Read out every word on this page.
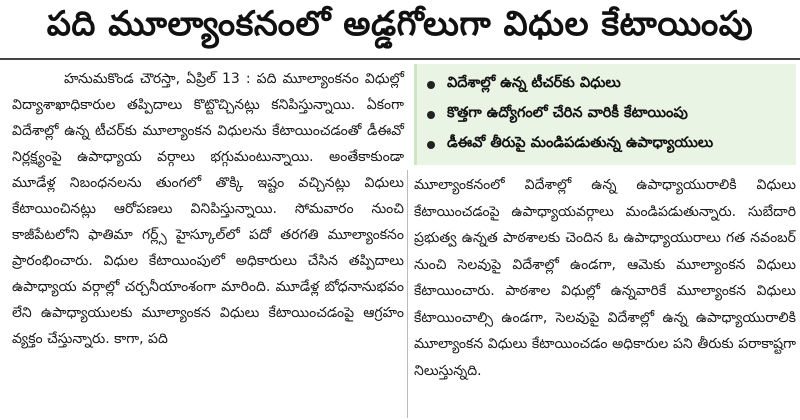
పది మూల్యాంకనంలో అడ్డగోలుగా విధుల కేటాయింపు
హనుమకొండ చౌరస్తా, ఏప్రిల్ 13 : పది మూల్యాంకనం విధుల్లో విద్యాశాఖాధికారుల తప్పిదాలు కొట్టొచ్చినట్లు కనిపిస్తున్నాయి. ఏకంగా విదేశాల్లో ఉన్న టీచర్‌కు మూల్యాంకన విధులను కేటాయించడంతో డీఈవో నిర్లక్ష్యంపై ఉపాధ్యాయ వర్గాలు భగ్గుమంటున్నాయి. అంతేకాకుండా మూడేళ్ల నిబంధనలను తుంగలో తొక్కి ఇష్టం వచ్చినట్లు విధులు కేటాయించినట్లు ఆరోపణలు వినిపిస్తున్నాయి. సోమవారం నుంచి కాజీపేటలోని ఫాతిమా గర్ల్స్ హైస్కూల్‌లో పదో తరగతి మూల్యాంకనం ప్రారంభించారు. విధుల కేటాయింపులో అధికారులు చేసిన తప్పిదాలు ఉపాధ్యాయ వర్గాల్లో చర్చనీయాంశంగా మారింది. మూడేళ్ల బోధనానుభవం లేని ఉపాధ్యాయులకు మూల్యాంకన విధులు కేటాయించడంపై ఆగ్రహం వ్యక్తం చేస్తున్నారు. కాగా, పది
విదేశాల్లో ఉన్న టీచర్‌కు విధులు
కొత్తగా ఉద్యోగంలో చేరిన వారికీ కేటాయింపు
డీఈవో తీరుపై మండిపడుతున్న ఉపాధ్యాయులు
మూల్యాంకనంలో విదేశాల్లో ఉన్న ఉపాధ్యాయురాలికి విధులు కేటాయించడంపై ఉపాధ్యాయవర్గాలు మండిపడుతున్నారు. సుబేదారి ప్రభుత్వ ఉన్నత పాఠశాలకు చెందిన ఓ ఉపాధ్యాయురాలు గత నవంబర్ నుంచి సెలవుపై విదేశాల్లో ఉండగా, ఆమెకు మూల్యాంకన విధులు కేటాయించారు. పాఠశాల విధుల్లో ఉన్నవారికే మూల్యాంకన విధులు కేటాయించాల్సి ఉండగా, సెలవుపై విదేశాల్లో ఉన్న ఉపాధ్యాయురాలికి మూల్యాంకన విధులు కేటాయించడం అధికారుల పని తీరుకు పరాకాష్టగా నిలుస్తున్నది.
